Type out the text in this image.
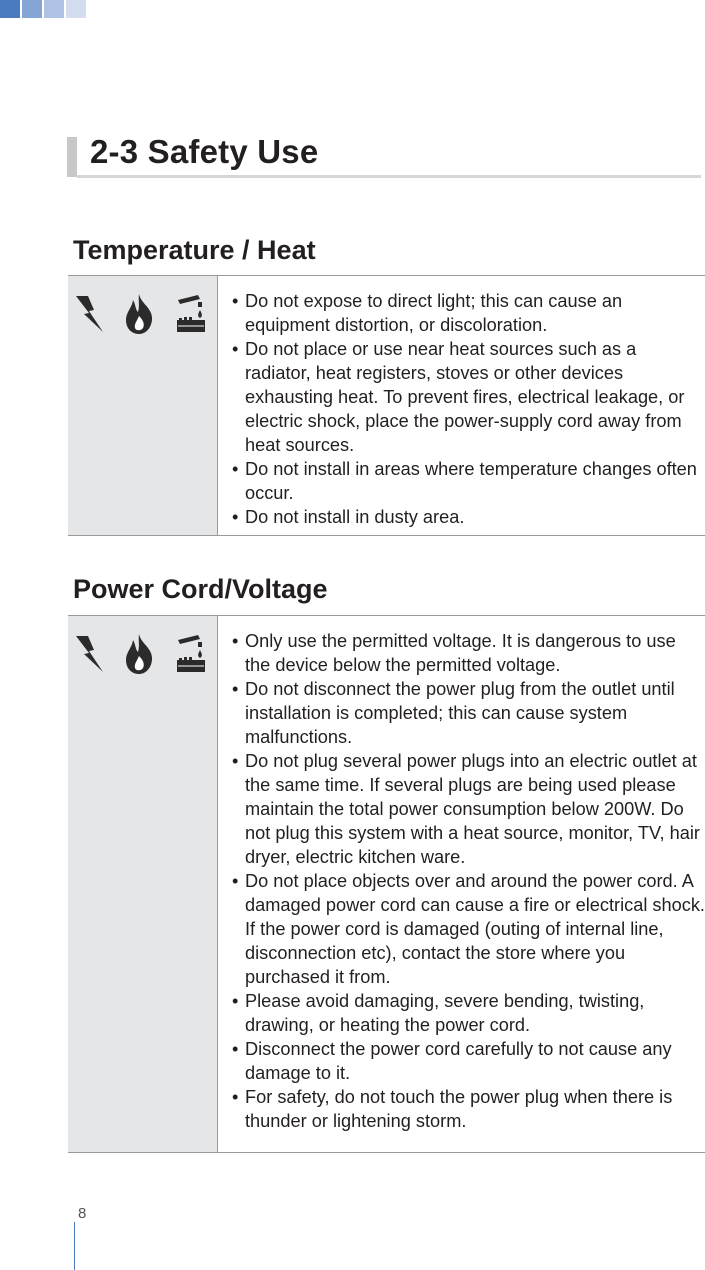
2-3 Safety Use
Temperature / Heat
• Do not expose to direct light; this can cause an equipment distortion, or discoloration.
• Do not place or use near heat sources such as a radiator, heat registers, stoves or other devices exhausting heat. To prevent fires, electrical leakage, or electric shock, place the power-supply cord away from heat sources.
• Do not install in areas where temperature changes often occur.
• Do not install in dusty area.
Power Cord/Voltage
• Only use the permitted voltage. It is dangerous to use the device below the permitted voltage.
• Do not disconnect the power plug from the outlet until installation is completed; this can cause system malfunctions.
• Do not plug several power plugs into an electric outlet at the same time. If several plugs are being used please maintain the total power consumption below 200W. Do not plug this system with a heat source, monitor, TV, hair dryer, electric kitchen ware.
• Do not place objects over and around the power cord. A damaged power cord can cause a fire or electrical shock. If the power cord is damaged (outing of internal line, disconnection etc), contact the store where you purchased it from.
• Please avoid damaging, severe bending, twisting, drawing, or heating the power cord.
• Disconnect the power cord carefully to not cause any damage to it.
• For safety, do not touch the power plug when there is thunder or lightening storm.
8
